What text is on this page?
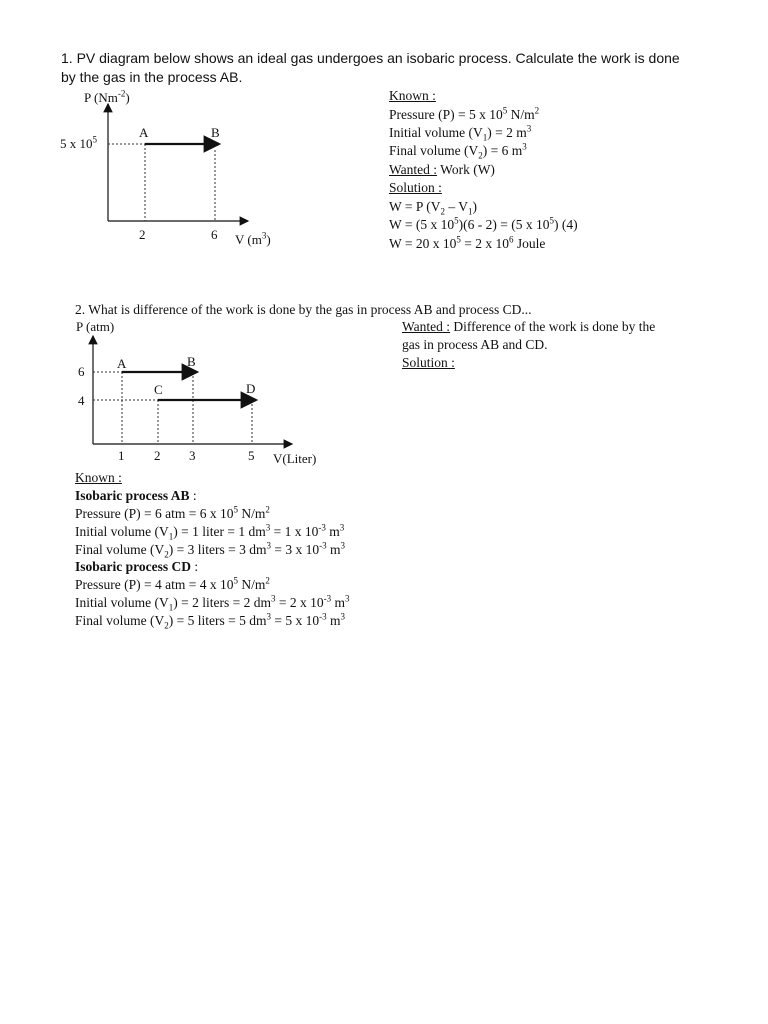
1. PV diagram below shows an ideal gas undergoes an isobaric process. Calculate the work is done
by the gas in the process AB.
P $(Nm^{-2})$
5 x $10^5$	A	B
2	6 V $(m^3)$
Known :
Pressure (P) = 5 x $10^5$ $N/m^2$
Initial volume $(V_1) = 2$ $m^3$
Final volume $(V_2) = 6$ $m^3$
Wanted : Work (W)
Solution :
W = P $(V_2 - V_1)$
W = (5 x $10^5)(6 - 2) = (5$ x $10^5$) (4)
W = 20 x $10^5 = 2$ x $10^6$ Joule
2. What is difference of the work is done by the gas in process AB and process CD...
P (atm)
6
4
A	B
C	D
1 2 3	5 V(Liter)
Wanted : Difference of the work is done by the
gas in process AB and CD.
Solution :
Known :
Isobaric process AB :
Pressure (P) = 6 atm = 6 x $10^5$ $N/m^2$
Initial volume $(V_1) = 1$ liter = 1 $dm^3 = 1$ x $10^{-3}$ $m^3$
Final volume $(V_2) = 3$ liters = 3 $dm^3 = 3$ x $10^{-3}$ $m^3$
Isobaric process CD :
Pressure (P) = 4 atm = 4 x $10^5$ $N/m^2$
Initial volume $(V_1) = 2$ liters = 2 $dm^3 = 2$ x $10^{-3}$ $m^3$
Final volume $(V_2) = 5$ liters = 5 $dm^3 = 5$ x $10^{-3}$ $m^3$
